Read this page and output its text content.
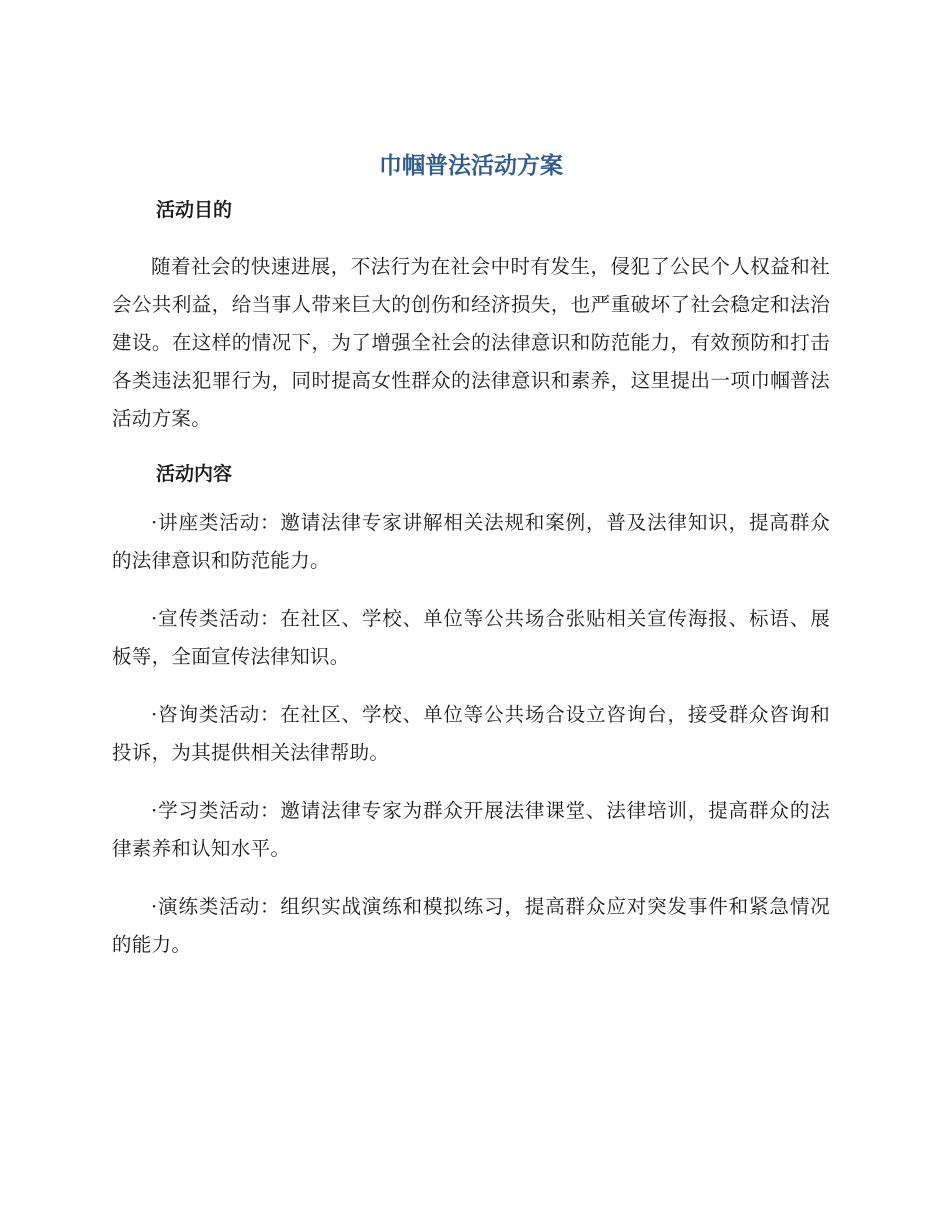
巾帼普法活动方案
活动目的

随着社会的快速进展，不法行为在社会中时有发生，侵犯了公民个人权益和社会公共利益，给当事人带来巨大的创伤和经济损失，也严重破坏了社会稳定和法治建设。在这样的情况下，为了增强全社会的法律意识和防范能力，有效预防和打击各类违法犯罪行为，同时提高女性群众的法律意识和素养，这里提出一项巾帼普法活动方案。

活动内容

·讲座类活动：邀请法律专家讲解相关法规和案例，普及法律知识，提高群众的法律意识和防范能力。

·宣传类活动：在社区、学校、单位等公共场合张贴相关宣传海报、标语、展板等，全面宣传法律知识。

·咨询类活动：在社区、学校、单位等公共场合设立咨询台，接受群众咨询和投诉，为其提供相关法律帮助。

·学习类活动：邀请法律专家为群众开展法律课堂、法律培训，提高群众的法律素养和认知水平。

·演练类活动：组织实战演练和模拟练习，提高群众应对突发事件和紧急情况的能力。
